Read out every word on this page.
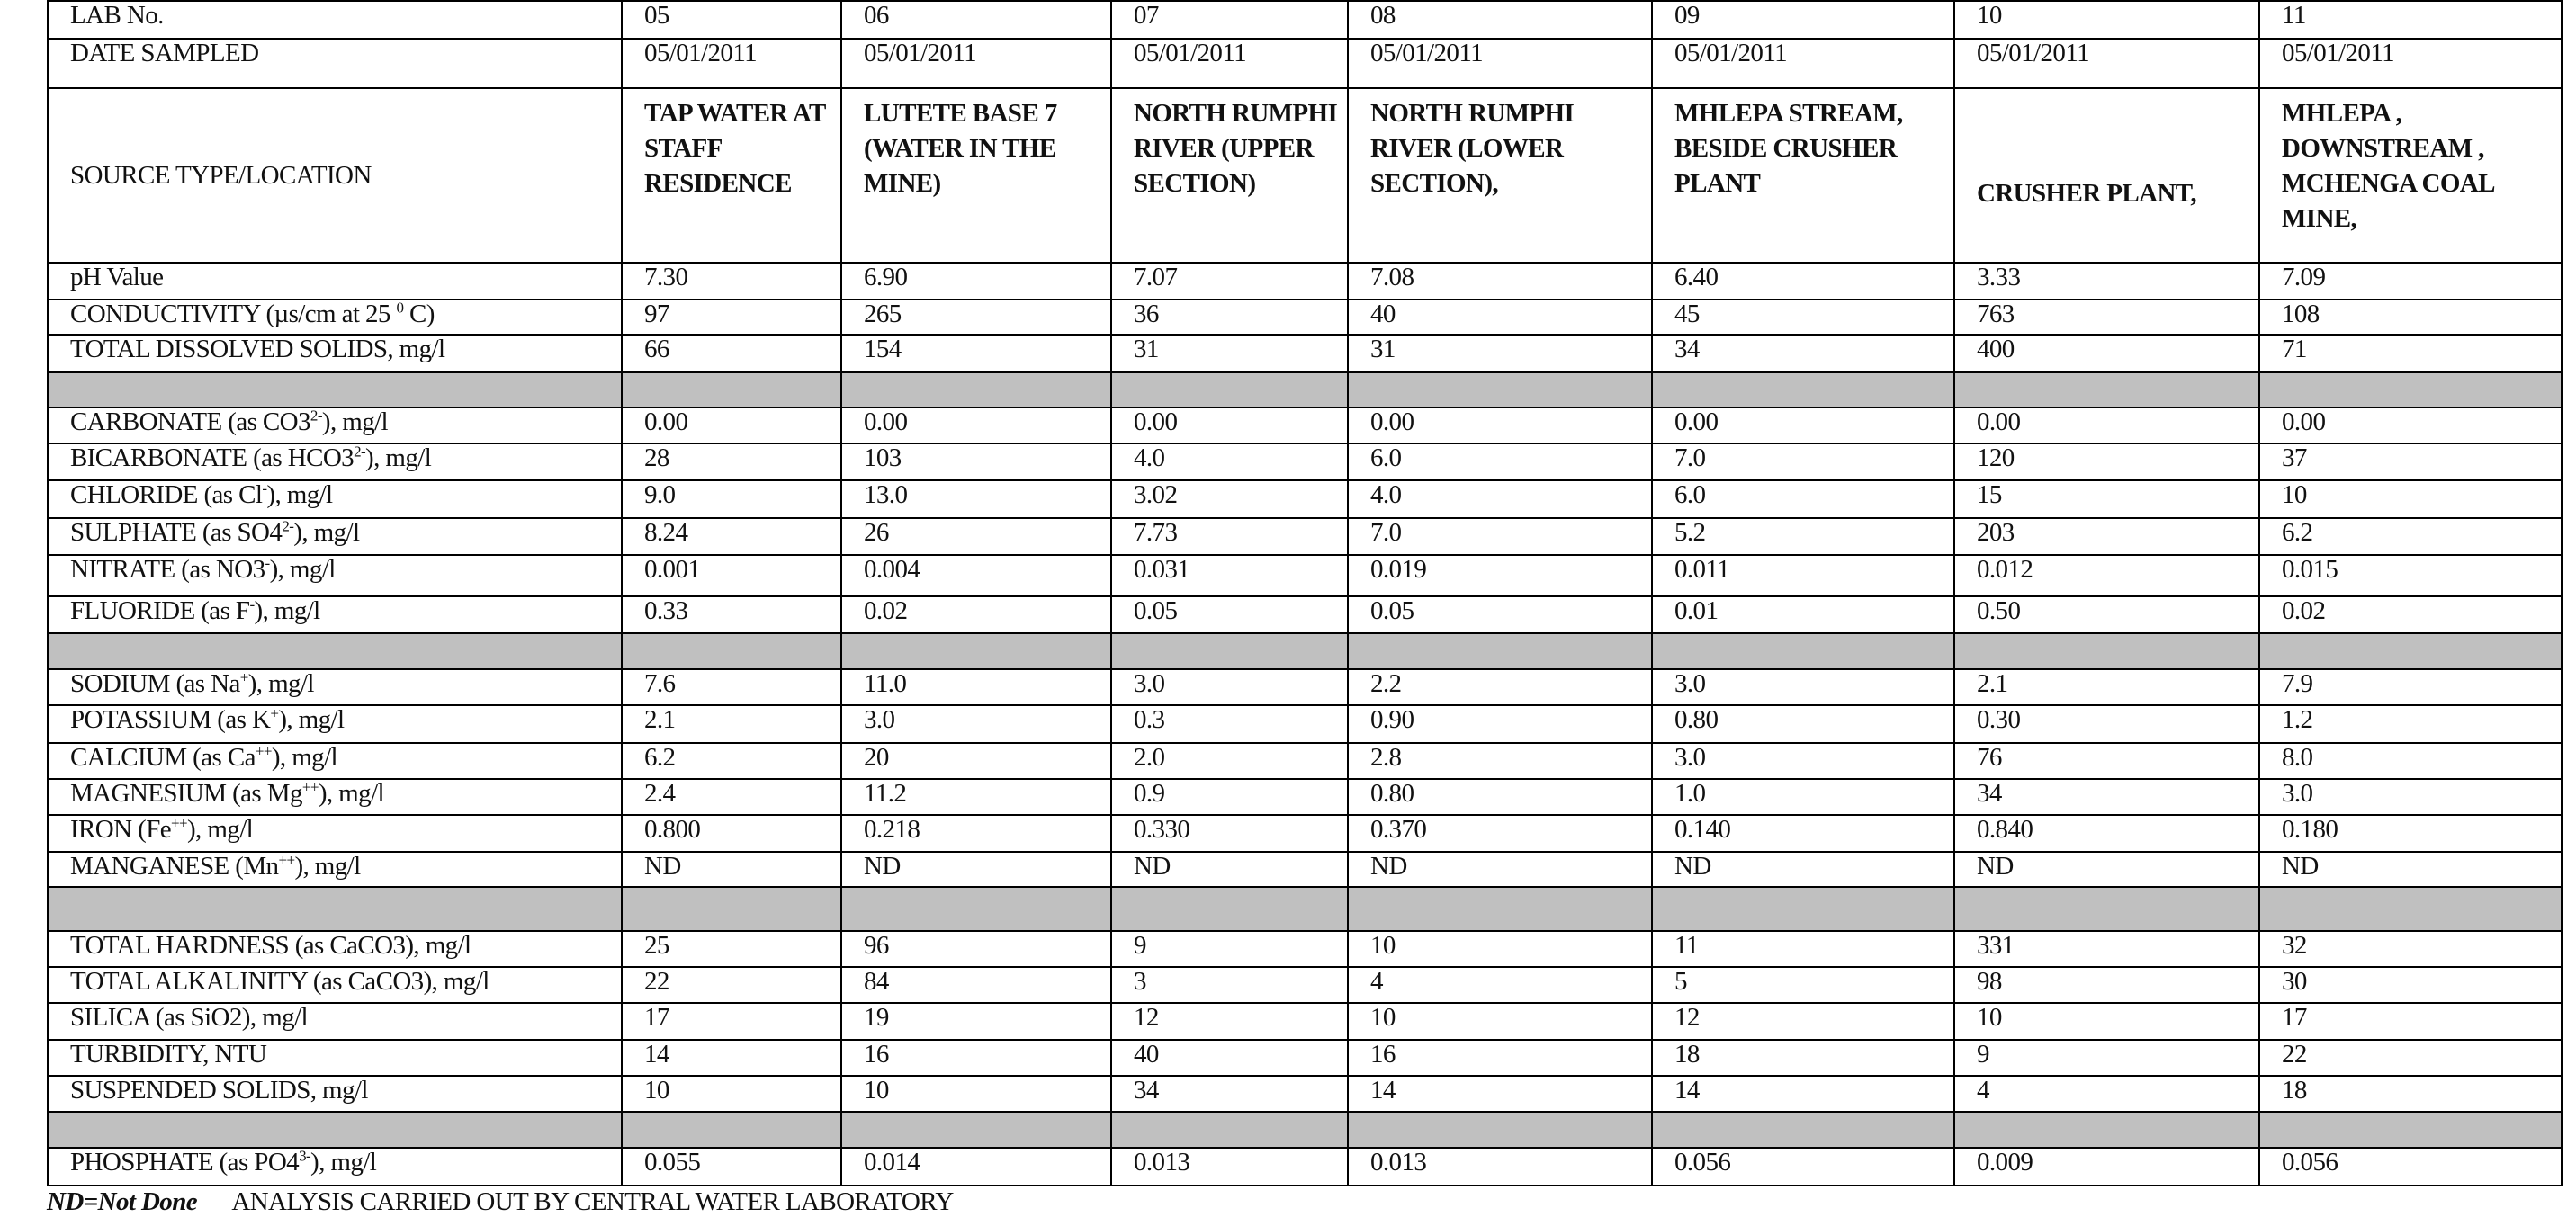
LAB No.	05	06	07	08	09	10	11
DATE SAMPLED	05/01/2011	05/01/2011	05/01/2011	05/01/2011	05/01/2011	05/01/2011	05/01/2011
SOURCE TYPE/LOCATION	TAP WATER AT STAFF RESIDENCE	LUTETE BASE 7 (WATER IN THE MINE)	NORTH RUMPHI RIVER (UPPER SECTION)	NORTH RUMPHI RIVER (LOWER SECTION),	MHLEPA STREAM, BESIDE CRUSHER PLANT	CRUSHER PLANT,	MHLEPA , DOWNSTREAM , MCHENGA COAL MINE,
pH Value	7.30	6.90	7.07	7.08	6.40	3.33	7.09
CONDUCTIVITY (µs/cm at 25 $^0$ C)	97	265	36	40	45	763	108
TOTAL DISSOLVED SOLIDS, mg/l	66	154	31	31	34	400	71

CARBONATE (as $CO3^{2-}$), mg/l	0.00	0.00	0.00	0.00	0.00	0.00	0.00
BICARBONATE (as $HCO3^{2-}$), mg/l	28	103	4.0	6.0	7.0	120	37
CHLORIDE (as Cl-), mg/l	9.0	13.0	3.02	4.0	6.0	15	10
SULPHATE (as $SO4^{2-}$), mg/l	8.24	26	7.73	7.0	5.2	203	6.2
NITRATE (as NO3-), mg/l	0.001	0.004	0.031	0.019	0.011	0.012	0.015
FLUORIDE (as F-), mg/l	0.33	0.02	0.05	0.05	0.01	0.50	0.02

SODIUM (as Na+), mg/l	7.6	11.0	3.0	2.2	3.0	2.1	7.9
POTASSIUM (as K+), mg/l	2.1	3.0	0.3	0.90	0.80	0.30	1.2
CALCIUM (as Ca++), mg/l	6.2	20	2.0	2.8	3.0	76	8.0
MAGNESIUM (as Mg++), mg/l	2.4	11.2	0.9	0.80	1.0	34	3.0
IRON (Fe++), mg/l	0.800	0.218	0.330	0.370	0.140	0.840	0.180
MANGANESE (Mn++), mg/l	ND	ND	ND	ND	ND	ND	ND

TOTAL HARDNESS (as CaCO3), mg/l	25	96	9	10	11	331	32
TOTAL ALKALINITY (as CaCO3), mg/l	22	84	3	4	5	98	30
SILICA (as SiO2), mg/l	17	19	12	10	12	10	17
TURBIDITY, NTU	14	16	40	16	18	9	22
SUSPENDED SOLIDS, mg/l	10	10	34	14	14	4	18

PHOSPHATE (as $PO4^{3-}$), mg/l	0.055	0.014	0.013	0.013	0.056	0.009	0.056
ND=Not Done ANALYSIS CARRIED OUT BY CENTRAL WATER LABORATORY
